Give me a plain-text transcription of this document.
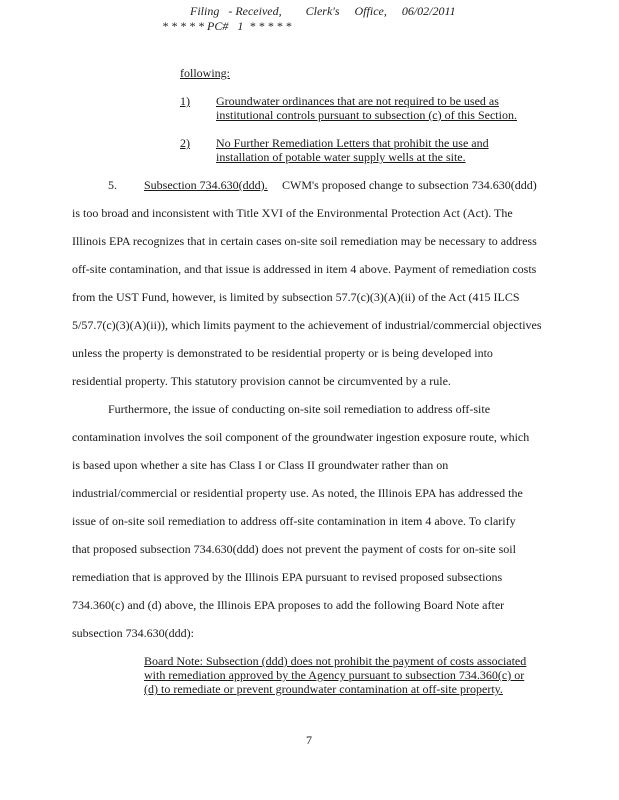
Filing   - Received,        Clerk's     Office,     06/02/2011
* * * * * PC#   1  * * * * *
following:
1) Groundwater ordinances that are not required to be used as
institutional controls pursuant to subsection (c) of this Section.
2) No Further Remediation Letters that prohibit the use and
installation of potable water supply wells at the site.
5. Subsection 734.630(ddd). CWM's proposed change to subsection 734.630(ddd)
is too broad and inconsistent with Title XVI of the Environmental Protection Act (Act). The
Illinois EPA recognizes that in certain cases on-site soil remediation may be necessary to address
off-site contamination, and that issue is addressed in item 4 above. Payment of remediation costs
from the UST Fund, however, is limited by subsection 57.7(c)(3)(A)(ii) of the Act (415 ILCS
5/57.7(c)(3)(A)(ii)), which limits payment to the achievement of industrial/commercial objectives
unless the property is demonstrated to be residential property or is being developed into
residential property. This statutory provision cannot be circumvented by a rule.
Furthermore, the issue of conducting on-site soil remediation to address off-site
contamination involves the soil component of the groundwater ingestion exposure route, which
is based upon whether a site has Class I or Class II groundwater rather than on
industrial/commercial or residential property use. As noted, the Illinois EPA has addressed the
issue of on-site soil remediation to address off-site contamination in item 4 above. To clarify
that proposed subsection 734.630(ddd) does not prevent the payment of costs for on-site soil
remediation that is approved by the Illinois EPA pursuant to revised proposed subsections
734.360(c) and (d) above, the Illinois EPA proposes to add the following Board Note after
subsection 734.630(ddd):
Board Note: Subsection (ddd) does not prohibit the payment of costs associated
with remediation approved by the Agency pursuant to subsection 734.360(c) or
(d) to remediate or prevent groundwater contamination at off-site property.
7
